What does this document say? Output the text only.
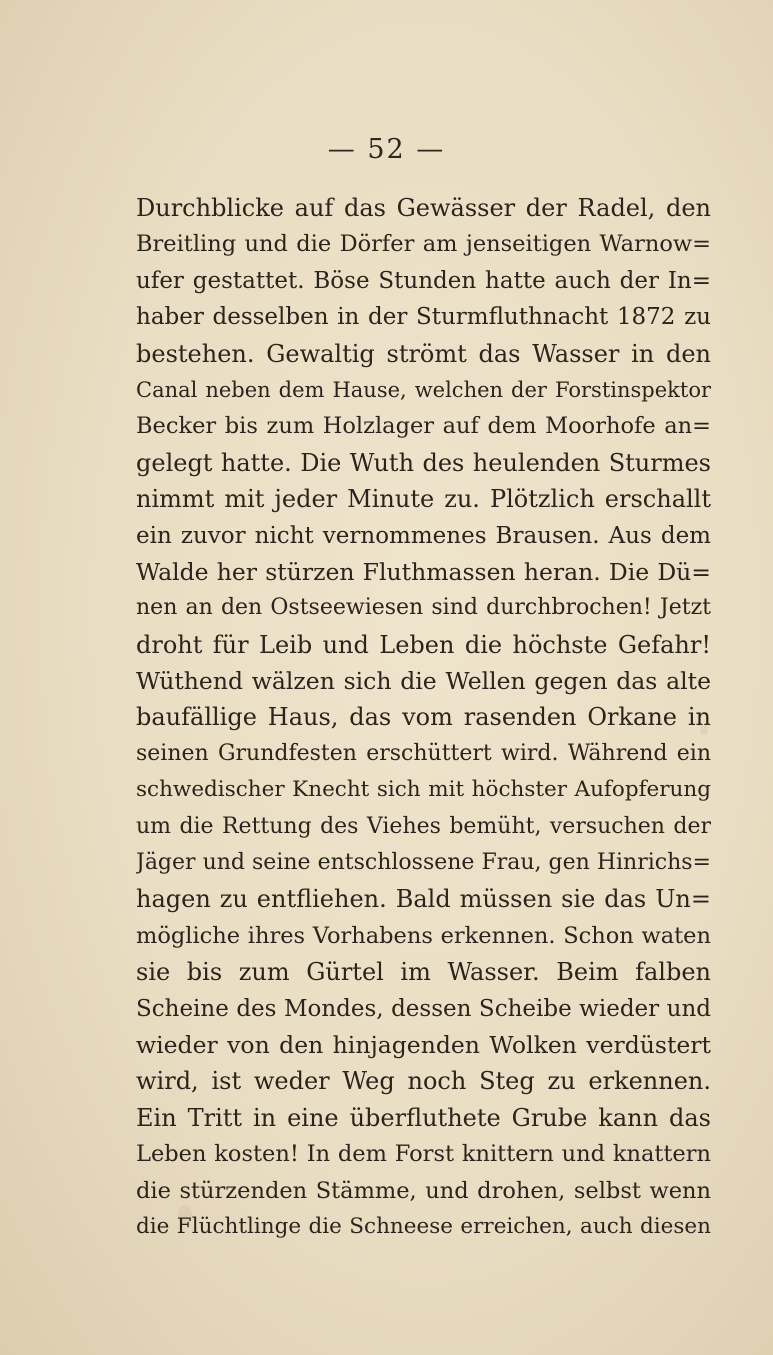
— 52 —
Durchblicke auf das Gewässer der Radel, den
Breitling und die Dörfer am jenseitigen Warnow=
ufer gestattet. Böse Stunden hatte auch der In=
haber desselben in der Sturmfluthnacht 1872 zu
bestehen. Gewaltig strömt das Wasser in den
Canal neben dem Hause, welchen der Forstinspektor
Becker bis zum Holzlager auf dem Moorhofe an=
gelegt hatte. Die Wuth des heulenden Sturmes
nimmt mit jeder Minute zu. Plötzlich erschallt
ein zuvor nicht vernommenes Brausen. Aus dem
Walde her stürzen Fluthmassen heran. Die Dü=
nen an den Ostseewiesen sind durchbrochen! Jetzt
droht für Leib und Leben die höchste Gefahr!
Wüthend wälzen sich die Wellen gegen das alte
baufällige Haus, das vom rasenden Orkane in
seinen Grundfesten erschüttert wird. Während ein
schwedischer Knecht sich mit höchster Aufopferung
um die Rettung des Viehes bemüht, versuchen der
Jäger und seine entschlossene Frau, gen Hinrichs=
hagen zu entfliehen. Bald müssen sie das Un=
mögliche ihres Vorhabens erkennen. Schon waten
sie bis zum Gürtel im Wasser. Beim falben
Scheine des Mondes, dessen Scheibe wieder und
wieder von den hinjagenden Wolken verdüstert
wird, ist weder Weg noch Steg zu erkennen.
Ein Tritt in eine überfluthete Grube kann das
Leben kosten! In dem Forst knittern und knattern
die stürzenden Stämme, und drohen, selbst wenn
die Flüchtlinge die Schneese erreichen, auch diesen
